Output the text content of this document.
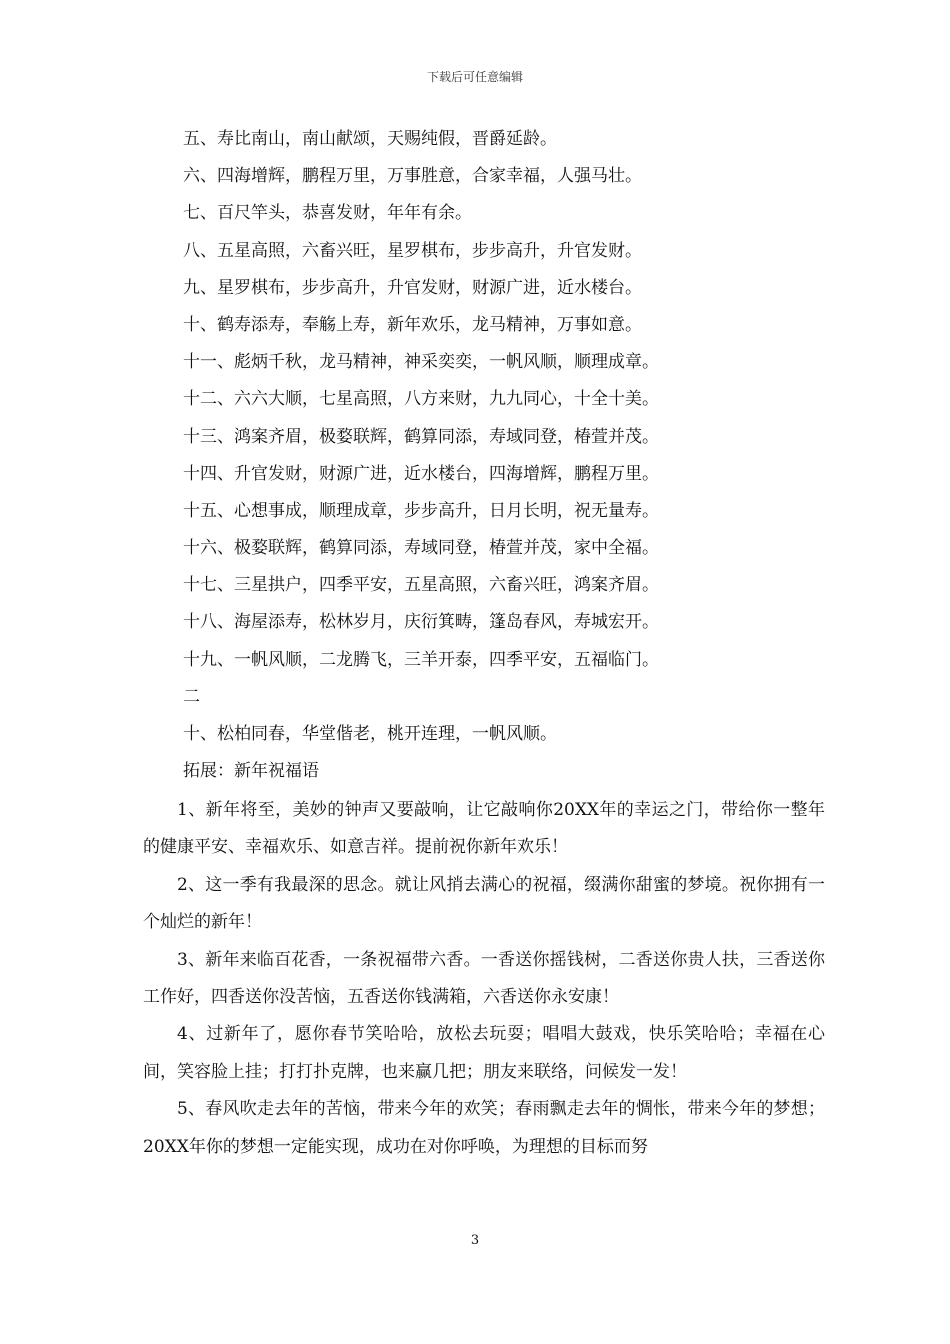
下载后可任意编辑
五、寿比南山，南山献颂，天赐纯假，晋爵延龄。
六、四海增辉，鹏程万里，万事胜意，合家幸福，人强马壮。
七、百尺竿头，恭喜发财，年年有余。
八、五星高照，六畜兴旺，星罗棋布，步步高升，升官发财。
九、星罗棋布，步步高升，升官发财，财源广进，近水楼台。
十、鹤寿添寿，奉觞上寿，新年欢乐，龙马精神，万事如意。
十一、彪炳千秋，龙马精神，神采奕奕，一帆风顺，顺理成章。
十二、六六大顺，七星高照，八方来财，九九同心，十全十美。
十三、鸿案齐眉，极婺联辉，鹤算同添，寿域同登，椿萱并茂。
十四、升官发财，财源广进，近水楼台，四海增辉，鹏程万里。
十五、心想事成，顺理成章，步步高升，日月长明，祝无量寿。
十六、极婺联辉，鹤算同添，寿域同登，椿萱并茂，家中全福。
十七、三星拱户，四季平安，五星高照，六畜兴旺，鸿案齐眉。
十八、海屋添寿，松林岁月，庆衍箕畴，篷岛春风，寿城宏开。
十九、一帆风顺，二龙腾飞，三羊开泰，四季平安，五福临门。
二
十、松柏同春，华堂偕老，桃开连理，一帆风顺。
拓展：新年祝福语

1、新年将至，美妙的钟声又要敲响，让它敲响你20XX年的幸运之门，带给你一整年的健康平安、幸福欢乐、如意吉祥。提前祝你新年欢乐！

2、这一季有我最深的思念。就让风捎去满心的祝福，缀满你甜蜜的梦境。祝你拥有一个灿烂的新年！

3、新年来临百花香，一条祝福带六香。一香送你摇钱树，二香送你贵人扶，三香送你工作好，四香送你没苦恼，五香送你钱满箱，六香送你永安康！

4、过新年了，愿你春节笑哈哈，放松去玩耍；唱唱大鼓戏，快乐笑哈哈；幸福在心间，笑容脸上挂；打打扑克牌，也来赢几把；朋友来联络，问候发一发！

5、春风吹走去年的苦恼，带来今年的欢笑；春雨飘走去年的惆怅，带来今年的梦想；20XX年你的梦想一定能实现，成功在对你呼唤，为理想的目标而努

3
